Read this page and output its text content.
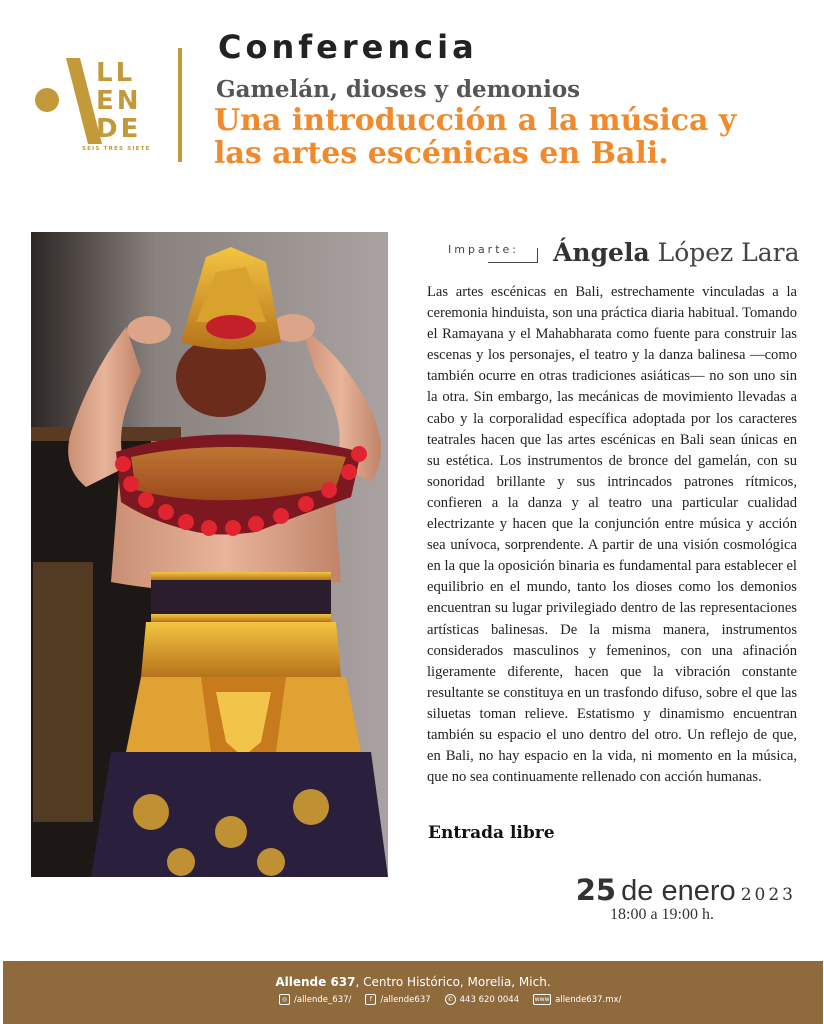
LL
EN
DE
SEIS TRES SIETE
Conferencia
Gamelán, dioses y demonios
Una introducción a la música y
las artes escénicas en Bali.
Imparte: Ángela López Lara
Las artes escénicas en Bali, estrechamente vinculadas a la ceremonia hinduista, son una práctica diaria habitual. Tomando el Ramayana y el Mahabharata como fuente para construir las escenas y los personajes, el teatro y la danza balinesa —como también ocurre en otras tradiciones asiáticas— no son uno sin la otra. Sin embargo, las mecánicas de movimiento llevadas a cabo y la corporalidad específica adoptada por los caracteres teatrales hacen que las artes escénicas en Bali sean únicas en su estética. Los instrumentos de bronce del gamelán, con su sonoridad brillante y sus intrincados patrones rítmicos, confieren a la danza y al teatro una particular cualidad electrizante y hacen que la conjunción entre música y acción sea unívoca, sorprendente. A partir de una visión cosmológica en la que la oposición binaria es fundamental para establecer el equilibrio en el mundo, tanto los dioses como los demonios encuentran su lugar privilegiado dentro de las representaciones artísticas balinesas. De la misma manera, instrumentos considerados masculinos y femeninos, con una afinación ligeramente diferente, hacen que la vibración constante resultante se constituya en un trasfondo difuso, sobre el que las siluetas toman relieve. Estatismo y dinamismo encuentran también su espacio el uno dentro del otro. Un reflejo de que, en Bali, no hay espacio en la vida, ni momento en la música, que no sea continuamente rellenado con acción humanas.
Entrada libre
25 de enero 2023
18:00 a 19:00 h.
Allende 637, Centro Histórico, Morelia, Mich.
◎ /allende_637/	f /allende637	✆ 443 620 0044	www allende637.mx/
